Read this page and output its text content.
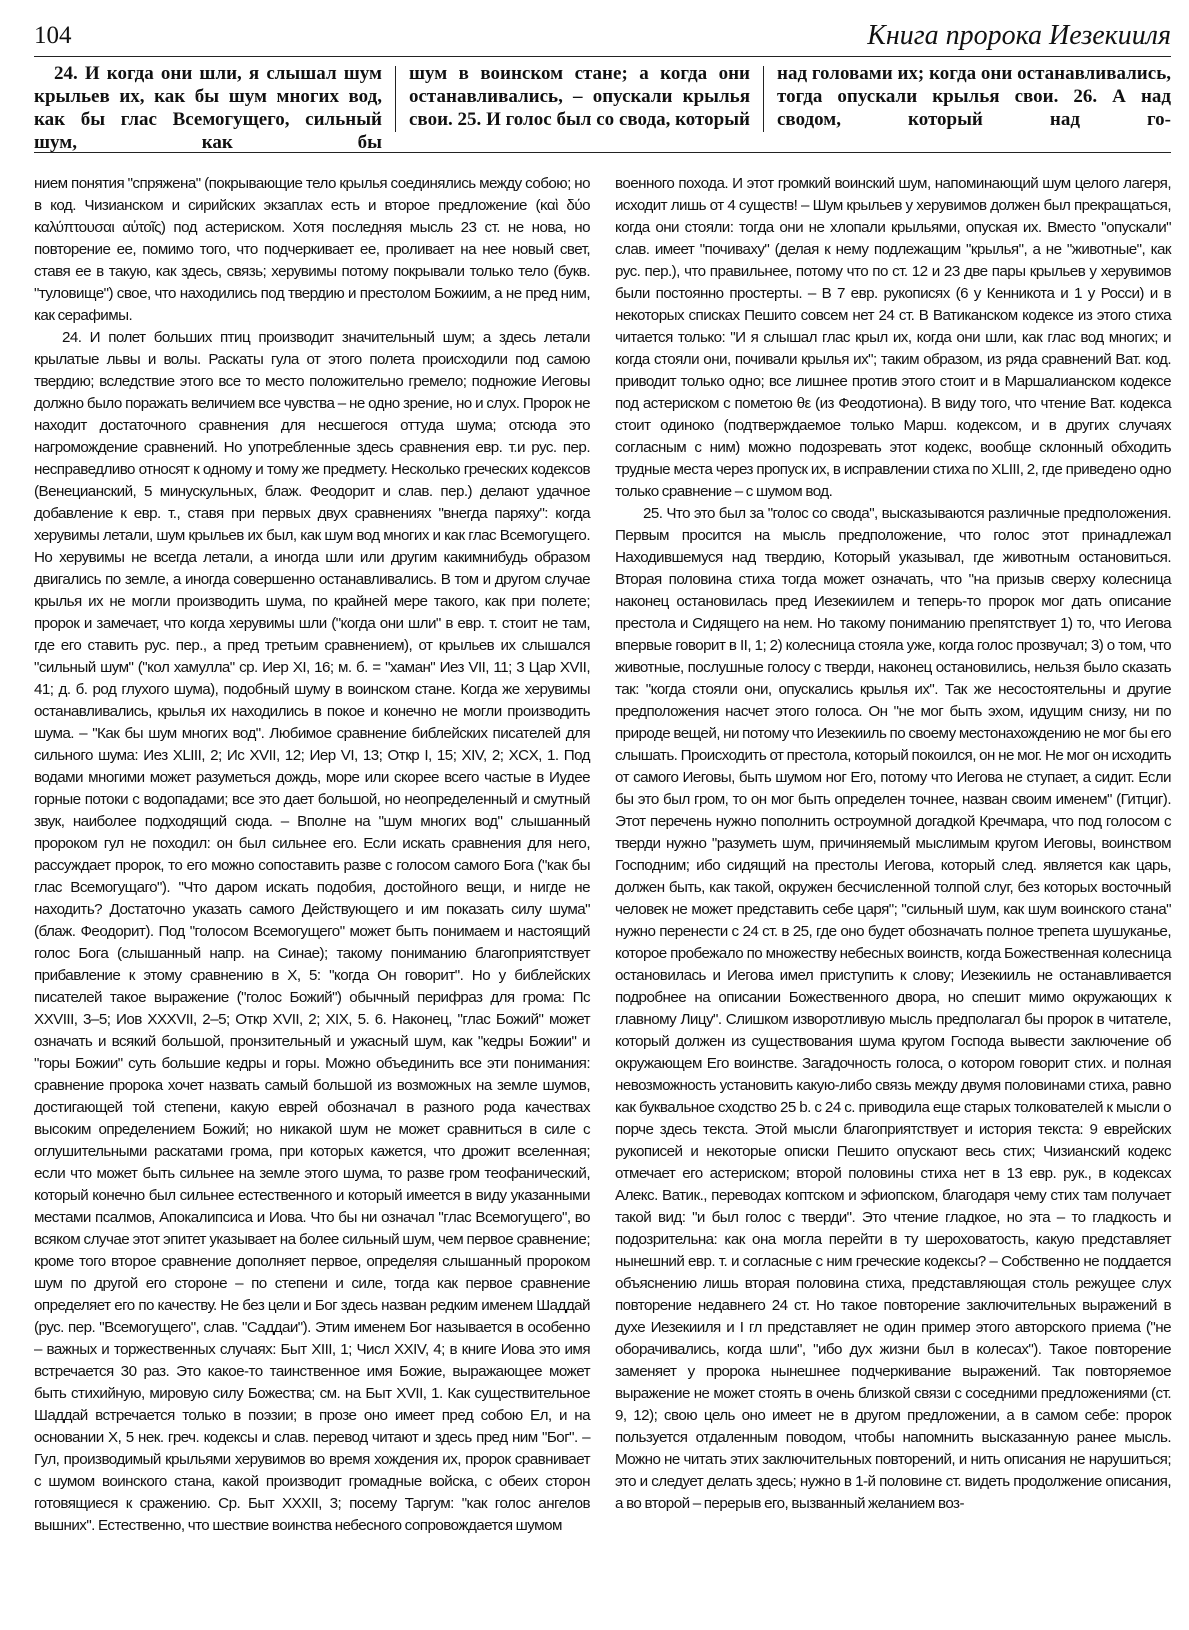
104	Книга пророка Иезекииля

24. И когда они шли, я слышал шум крыльев их, как бы шум многих вод, как бы глас Всемогущего, сильный шум, как бы

шум в воинском стане; а когда они останавливались, – опускали крылья свои. 25. И голос был со свода, который

над головами их; когда они останавливались, тогда опускали крылья свои. 26. А над сводом, который над го-

нием понятия "спряжена" (покрывающие тело крылья соединялись между собою; но в код. Чизианском и сирийских экзаплах есть и второе предложение (καὶ δύο καλύπτουσαι αὐτοῖς) под астериском. Хотя последняя мысль 23 ст. не нова, но повторение ее, помимо того, что подчеркивает ее, проливает на нее новый свет, ставя ее в такую, как здесь, связь; херувимы потому покрывали только тело (букв. "туловище") свое, что находились под твердию и престолом Божиим, а не пред ним, как серафимы.

24. И полет больших птиц производит значительный шум; а здесь летали крылатые львы и волы. Раскаты гула от этого полета происходили под самою твердию; вследствие этого все то место положительно гремело; подножие Иеговы должно было поражать величием все чувства – не одно зрение, но и слух. Пророк не находит достаточного сравнения для несшегося оттуда шума; отсюда это нагромождение сравнений. Но употребленные здесь сравнения евр. т.и рус. пер. несправедливо относят к одному и тому же предмету. Несколько греческих кодексов (Венецианский, 5 минускульных, блаж. Феодорит и слав. пер.) делают удачное добавление к евр. т., ставя при первых двух сравнениях "внегда паряху": когда херувимы летали, шум крыльев их был, как шум вод многих и как глас Всемогущего. Но херувимы не всегда летали, а иногда шли или другим какимнибудь образом двигались по земле, а иногда совершенно останавливались. В том и другом случае крылья их не могли производить шума, по крайней мере такого, как при полете; пророк и замечает, что когда херувимы шли ("когда они шли" в евр. т. стоит не там, где его ставить рус. пер., а пред третьим сравнением), от крыльев их слышался "сильный шум" ("кол хамулла" ср. Иер XI, 16; м. б. = "хаман" Иез VII, 11; 3 Цар XVII, 41; д. б. род глухого шума), подобный шуму в воинском стане. Когда же херувимы останавливались, крылья их находились в покое и конечно не могли производить шума. – "Как бы шум многих вод". Любимое сравнение библейских писателей для сильного шума: Иез XLIII, 2; Ис XVII, 12; Иер VI, 13; Откр I, 15; XIV, 2; XCX, 1. Под водами многими может разуметься дождь, море или скорее всего частые в Иудее горные потоки с водопадами; все это дает большой, но неопределенный и смутный звук, наиболее подходящий сюда. – Вполне на "шум многих вод" слышанный пророком гул не походил: он был сильнее его. Если искать сравнения для него, рассуждает пророк, то его можно сопоставить разве с голосом самого Бога ("как бы глас Всемогущаго"). "Что даром искать подобия, достойного вещи, и нигде не находить? Достаточно указать самого Действующего и им показать силу шума" (блаж. Феодорит). Под "голосом Всемогущего" может быть понимаем и настоящий голос Бога (слышанный напр. на Синае); такому пониманию благоприятствует прибавление к этому сравнению в X, 5: "когда Он говорит". Но у библейских писателей такое выражение ("голос Божий") обычный перифраз для грома: Пс XXVIII, 3–5; Иов XXXVII, 2–5; Откр XVII, 2; XIX, 5. 6. Наконец, "глас Божий" может означать и всякий большой, пронзительный и ужасный шум, как "кедры Божии" и "горы Божии" суть большие кедры и горы. Можно объединить все эти понимания: сравнение пророка хочет назвать самый большой из возможных на земле шумов, достигающей той степени, какую еврей обозначал в разного рода качествах высоким определением Божий; но никакой шум не может сравниться в силе с оглушительными раскатами грома, при которых кажется, что дрожит вселенная; если что может быть сильнее на земле этого шума, то разве гром теофанический, который конечно был сильнее естественного и который имеется в виду указанными местами псалмов, Апокалипсиса и Иова. Что бы ни означал "глас Всемогущего", во всяком случае этот эпитет указывает на более сильный шум, чем первое сравнение; кроме того второе сравнение дополняет первое, определяя слышанный пророком шум по другой его стороне – по степени и силе, тогда как первое сравнение определяет его по качеству. Не без цели и Бог здесь назван редким именем Шаддай (рус. пер. "Всемогущего", слав. "Саддаи"). Этим именем Бог называется в особенно – важных и торжественных случаях: Быт XIII, 1; Числ XXIV, 4; в книге Иова это имя встречается 30 раз. Это какое-то таинственное имя Божие, выражающее может быть стихийную, мировую силу Божества; см. на Быт XVII, 1. Как существительное Шаддай встречается только в поэзии; в прозе оно имеет пред собою Ел, и на основании X, 5 нек. греч. кодексы и слав. перевод читают и здесь пред ним "Бог". – Гул, производимый крыльями херувимов во время хождения их, пророк сравнивает с шумом воинского стана, какой производит громадные войска, с обеих сторон готовящиеся к сражению. Ср. Быт XXXII, 3; посему Таргум: "как голос ангелов вышних". Естественно, что шествие воинства небесного сопровождается шумом

военного похода. И этот громкий воинский шум, напоминающий шум целого лагеря, исходит лишь от 4 существ! – Шум крыльев у херувимов должен был прекращаться, когда они стояли: тогда они не хлопали крыльями, опуская их. Вместо "опускали" слав. имеет "почиваху" (делая к нему подлежащим "крылья", а не "животные", как рус. пер.), что правильнее, потому что по ст. 12 и 23 две пары крыльев у херувимов были постоянно простерты. – В 7 евр. рукописях (6 у Кенникота и 1 у Росси) и в некоторых списках Пешито совсем нет 24 ст. В Ватиканском кодексе из этого стиха читается только: "И я слышал глас крыл их, когда они шли, как глас вод многих; и когда стояли они, почивали крылья их"; таким образом, из ряда сравнений Ват. код. приводит только одно; все лишнее против этого стоит и в Маршалианском кодексе под астериском с пометою θε (из Феодотиона). В виду того, что чтение Ват. кодекса стоит одиноко (подтверждаемое только Марш. кодексом, и в других случаях согласным с ним) можно подозревать этот кодекс, вообще склонный обходить трудные места через пропуск их, в исправлении стиха по XLIII, 2, где приведено одно только сравнение – с шумом вод.

25. Что это был за "голос со свода", высказываются различные предположения. Первым просится на мысль предположение, что голос этот принадлежал Находившемуся над твердию, Который указывал, где животным остановиться. Вторая половина стиха тогда может означать, что "на призыв сверху колесница наконец остановилась пред Иезекиилем и теперь-то пророк мог дать описание престола и Сидящего на нем. Но такому пониманию препятствует 1) то, что Иегова впервые говорит в II, 1; 2) колесница стояла уже, когда голос прозвучал; 3) о том, что животные, послушные голосу с тверди, наконец остановились, нельзя было сказать так: "когда стояли они, опускались крылья их". Так же несостоятельны и другие предположения насчет этого голоса. Он "не мог быть эхом, идущим снизу, ни по природе вещей, ни потому что Иезекииль по своему местонахождению не мог бы его слышать. Происходить от престола, который покоился, он не мог. Не мог он исходить от самого Иеговы, быть шумом ног Его, потому что Иегова не ступает, а сидит. Если бы это был гром, то он мог быть определен точнее, назван своим именем" (Гитциг). Этот перечень нужно пополнить остроумной догадкой Кречмара, что под голосом с тверди нужно "разуметь шум, причиняемый мыслимым кругом Иеговы, воинством Господним; ибо сидящий на престолы Иегова, который след. является как царь, должен быть, как такой, окружен бесчисленной толпой слуг, без которых восточный человек не может представить себе царя"; "сильный шум, как шум воинского стана" нужно перенести с 24 ст. в 25, где оно будет обозначать полное трепета шушуканье, которое пробежало по множеству небесных воинств, когда Божественная колесница остановилась и Иегова имел приступить к слову; Иезекииль не останавливается подробнее на описании Божественного двора, но спешит мимо окружающих к главному Лицу". Слишком изворотливую мысль предполагал бы пророк в читателе, который должен из существования шума кругом Господа вывести заключение об окружающем Его воинстве. Загадочность голоса, о котором говорит стих. и полная невозможность установить какую-либо связь между двумя половинами стиха, равно как буквальное сходство 25 b. с 24 c. приводила еще старых толкователей к мысли о порче здесь текста. Этой мысли благоприятствует и история текста: 9 еврейских рукописей и некоторые описки Пешито опускают весь стих; Чизианский кодекс отмечает его астериском; второй половины стиха нет в 13 евр. рук., в кодексах Алекс. Ватик., переводах коптском и эфиопском, благодаря чему стих там получает такой вид: "и был голос с тверди". Это чтение гладкое, но эта – то гладкость и подозрительна: как она могла перейти в ту шероховатость, какую представляет нынешний евр. т. и согласные с ним греческие кодексы? – Собственно не поддается объяснению лишь вторая половина стиха, представляющая столь режущее слух повторение недавнего 24 ст. Но такое повторение заключительных выражений в духе Иезекииля и I гл представляет не один пример этого авторского приема ("не оборачивались, когда шли", "ибо дух жизни был в колесах"). Такое повторение заменяет у пророка нынешнее подчеркивание выражений. Так повторяемое выражение не может стоять в очень близкой связи с соседними предложениями (ст. 9, 12); свою цель оно имеет не в другом предложении, а в самом себе: пророк пользуется отдаленным поводом, чтобы напомнить высказанную ранее мысль. Можно не читать этих заключительных повторений, и нить описания не нарушиться; это и следует делать здесь; нужно в 1-й половине ст. видеть продолжение описания, а во второй – перерыв его, вызванный желанием воз-
